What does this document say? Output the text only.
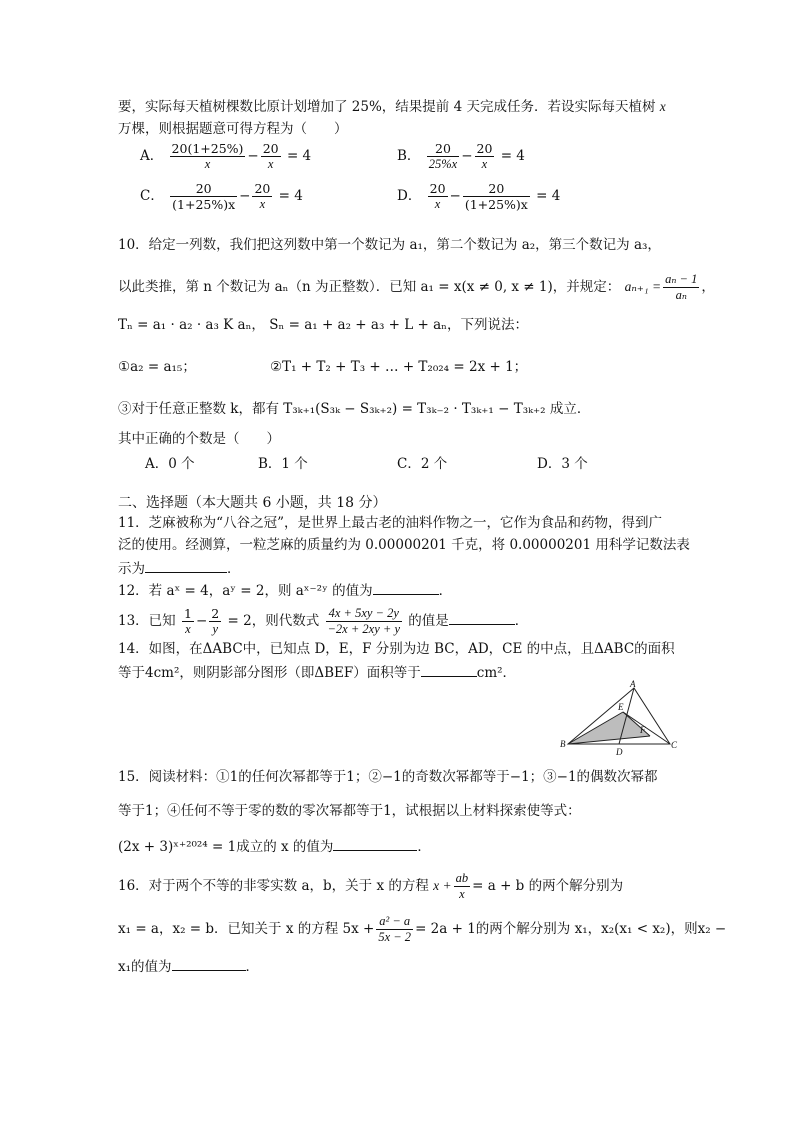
要，实际每天植树棵数比原计划增加了 25%，结果提前 4 天完成任务．若设实际每天植树 x
万棵，则根据题意可得方程为（　　）
A． $\frac{20(1+25\%)}{x} - \frac{20}{x} = 4$	B． $\frac{20}{25\%x} - \frac{20}{x} = 4$
C． $\frac{20}{(1+25\%)x} - \frac{20}{x} = 4$	D． $\frac{20}{x} - \frac{20}{(1+25\%)x} = 4$
10．给定一列数，我们把这列数中第一个数记为 a₁，第二个数记为 a₂，第三个数记为 a₃，
以此类推，第 n 个数记为 aₙ（n 为正整数）．已知 a₁ = x(x ≠ 0, x ≠ 1)，并规定： $a_{n+1} = \frac{\text{aₙ − 1}}{\text{aₙ}}$ ，
Tₙ = a₁ · a₂ · a₃ K aₙ， Sₙ = a₁ + a₂ + a₃ + L + aₙ，下列说法：
①a₂ = a₁₅；	②T₁ + T₂ + T₃ + … + T₂₀₂₄ = 2x + 1；
③对于任意正整数 k，都有 T₃ₖ₊₁(S₃ₖ − S₃ₖ₊₂) = T₃ₖ₋₂ · T₃ₖ₊₁ − T₃ₖ₊₂ 成立．
其中正确的个数是（　　）
A．0 个	B．1 个	C．2 个	D．3 个
二、选择题（本大题共 6 小题，共 18 分）
11．芝麻被称为“八谷之冠”，是世界上最古老的油料作物之一，它作为食品和药物，得到广
泛的使用。经测算，一粒芝麻的质量约为 0.00000201 千克，将 0.00000201 用科学记数法表
示为	．
12．若 aˣ = 4，aʸ = 2，则 aˣ⁻²ʸ 的值为	．
13．已知 $\frac{1}{x} - \frac{2}{y} = 2$，则代数式 $\frac{4x + 5xy - 2y}{-2x + 2xy + y}$ 的值是	．
14．如图，在ΔABC中，已知点 D，E，F 分别为边 BC，AD，CE 的中点，且ΔABC的面积
等于4cm²，则阴影部分图形（即ΔBEF）面积等于	cm²．
A
B	C
D
E
F
15．阅读材料：①1的任何次幂都等于1；②−1的奇数次幂都等于−1；③−1的偶数次幂都
等于1；④任何不等于零的数的零次幂都等于1，试根据以上材料探索使等式：
(2x + 3)ˣ⁺²⁰²⁴ = 1成立的 x 的值为	．
16．对于两个不等的非零实数 a，b，关于 x 的方程 $x + \frac{ab}{x} = a + b$ 的两个解分别为
x₁ = a，x₂ = b．已知关于 x 的方程 $5x + \frac{\text{a² − a}}{5x - 2} = 2a + 1$的两个解分别为 x₁，x₂(x₁ < x₂)，则x₂ −
x₁的值为	．
